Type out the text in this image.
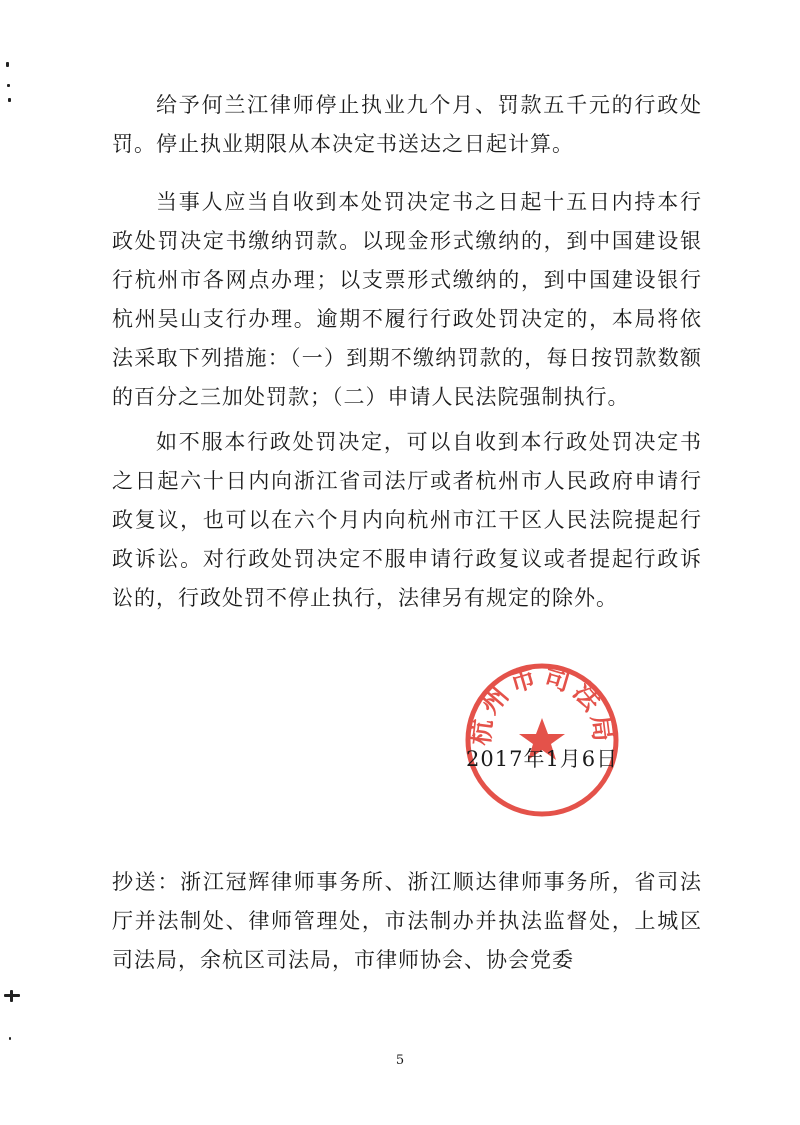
给予何兰江律师停止执业九个月、罚款五千元的行政处罚。停止执业期限从本决定书送达之日起计算。

当事人应当自收到本处罚决定书之日起十五日内持本行政处罚决定书缴纳罚款。以现金形式缴纳的，到中国建设银行杭州市各网点办理；以支票形式缴纳的，到中国建设银行杭州吴山支行办理。逾期不履行行政处罚决定的，本局将依法采取下列措施：（一）到期不缴纳罚款的，每日按罚款数额的百分之三加处罚款；（二）申请人民法院强制执行。

如不服本行政处罚决定，可以自收到本行政处罚决定书之日起六十日内向浙江省司法厅或者杭州市人民政府申请行政复议，也可以在六个月内向杭州市江干区人民法院提起行政诉讼。对行政处罚决定不服申请行政复议或者提起行政诉讼的，行政处罚不停止执行，法律另有规定的除外。

杭州市司法局
2017年1月6日

抄送：浙江冠辉律师事务所、浙江顺达律师事务所，省司法厅并法制处、律师管理处，市法制办并执法监督处，上城区司法局，余杭区司法局，市律师协会、协会党委

5
